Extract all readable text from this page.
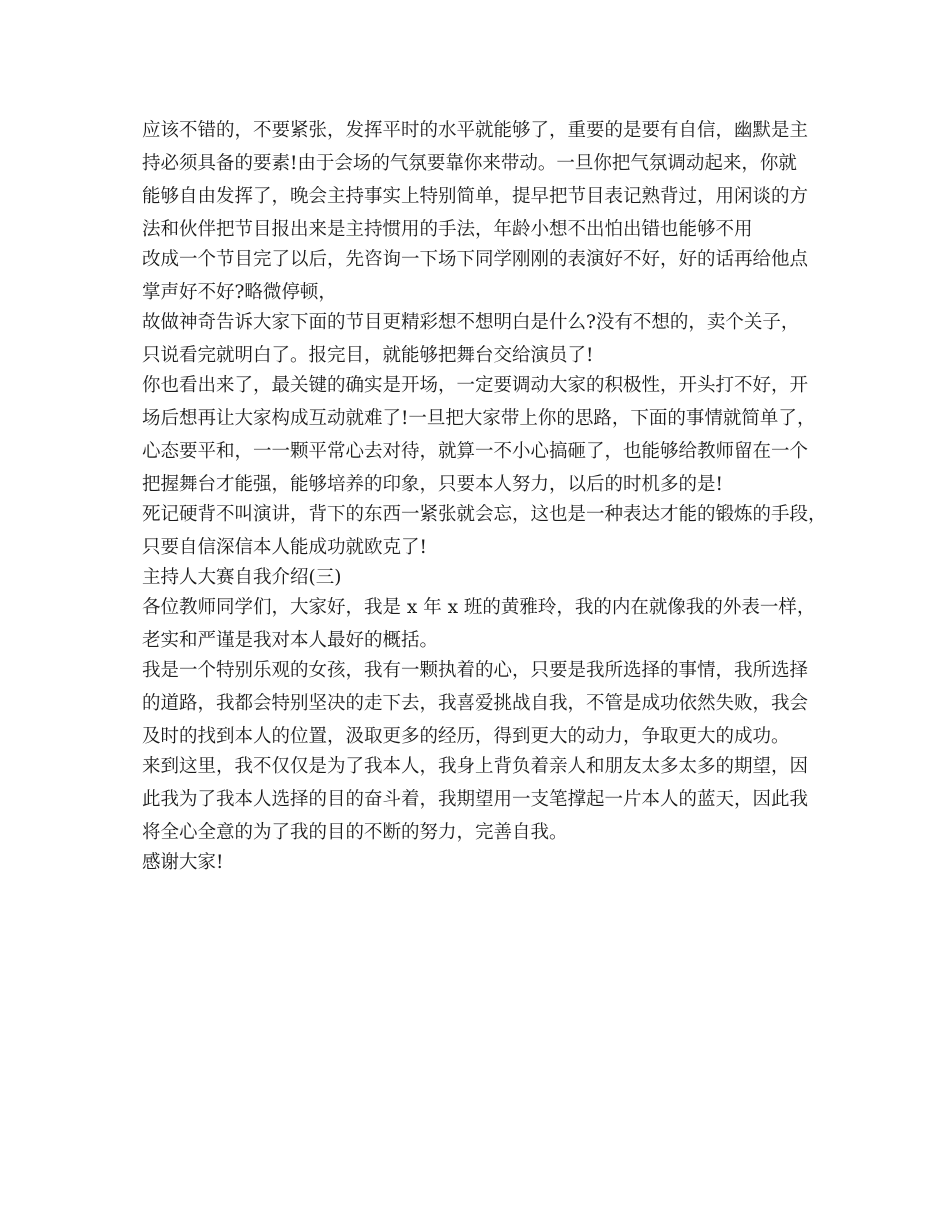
应该不错的，不要紧张，发挥平时的水平就能够了，重要的是要有自信，幽默是主
持必须具备的要素!由于会场的气氛要靠你来带动。一旦你把气氛调动起来，你就
能够自由发挥了，晚会主持事实上特别简单，提早把节目表记熟背过，用闲谈的方
法和伙伴把节目报出来是主持惯用的手法，年龄小想不出怕出错也能够不用
改成一个节目完了以后，先咨询一下场下同学刚刚的表演好不好，好的话再给他点
掌声好不好?略微停顿，
故做神奇告诉大家下面的节目更精彩想不想明白是什么?没有不想的，卖个关子，
只说看完就明白了。报完目，就能够把舞台交给演员了!
你也看出来了，最关键的确实是开场，一定要调动大家的积极性，开头打不好，开
场后想再让大家构成互动就难了!一旦把大家带上你的思路，下面的事情就简单了，
心态要平和，一一颗平常心去对待，就算一不小心搞砸了，也能够给教师留在一个
把握舞台才能强，能够培养的印象，只要本人努力，以后的时机多的是!
死记硬背不叫演讲，背下的东西一紧张就会忘，这也是一种表达才能的锻炼的手段，
只要自信深信本人能成功就欧克了!
主持人大赛自我介绍(三)
各位教师同学们，大家好，我是 x 年 x 班的黄雅玲，我的内在就像我的外表一样，
老实和严谨是我对本人最好的概括。
我是一个特别乐观的女孩，我有一颗执着的心，只要是我所选择的事情，我所选择
的道路，我都会特别坚决的走下去，我喜爱挑战自我，不管是成功依然失败，我会
及时的找到本人的位置，汲取更多的经历，得到更大的动力，争取更大的成功。
来到这里，我不仅仅是为了我本人，我身上背负着亲人和朋友太多太多的期望，因
此我为了我本人选择的目的奋斗着，我期望用一支笔撑起一片本人的蓝天，因此我
将全心全意的为了我的目的不断的努力，完善自我。
感谢大家!
